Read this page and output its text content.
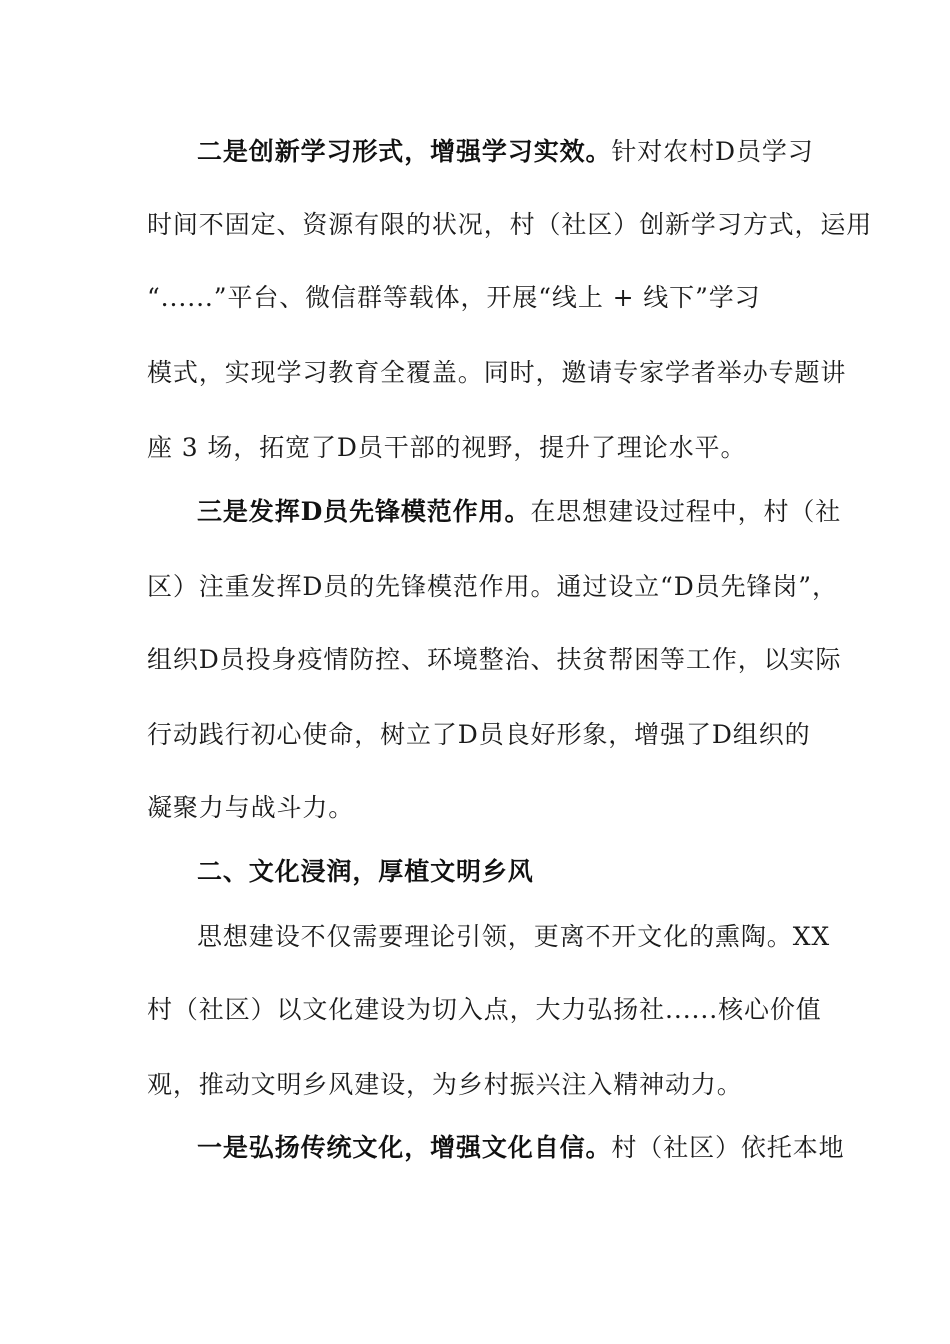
二是创新学习形式，增强学习实效。针对农村D员学习
时间不固定、资源有限的状况，村（社区）创新学习方式，运用
“......”平台、微信群等载体，开展“线上 + 线下”学习
模式，实现学习教育全覆盖。同时，邀请专家学者举办专题讲
座 3 场，拓宽了D员干部的视野，提升了理论水平。
三是发挥D员先锋模范作用。在思想建设过程中，村（社
区）注重发挥D员的先锋模范作用。通过设立“D员先锋岗”，
组织D员投身疫情防控、环境整治、扶贫帮困等工作，以实际
行动践行初心使命，树立了D员良好形象，增强了D组织的
凝聚力与战斗力。
二、文化浸润，厚植文明乡风
思想建设不仅需要理论引领，更离不开文化的熏陶。XX
村（社区）以文化建设为切入点，大力弘扬社......核心价值
观，推动文明乡风建设，为乡村振兴注入精神动力。
一是弘扬传统文化，增强文化自信。村（社区）依托本地
